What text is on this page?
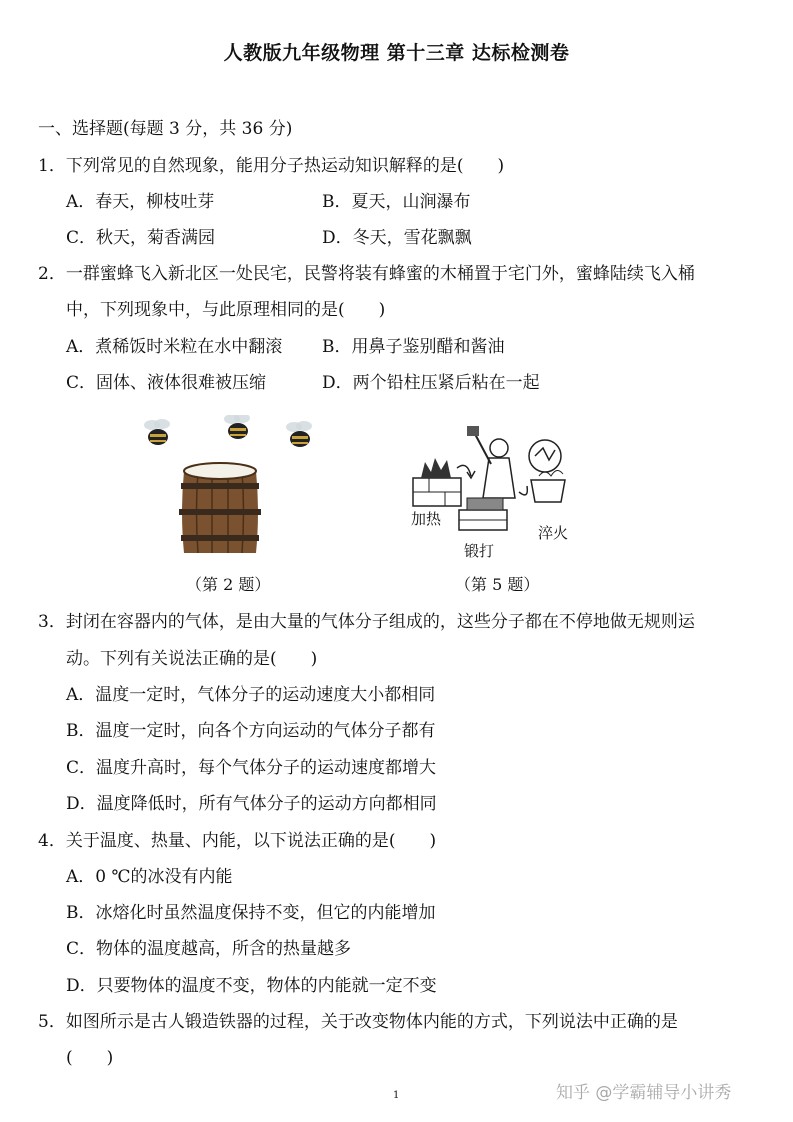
人教版九年级物理 第十三章 达标检测卷
一、选择题(每题 3 分，共 36 分)
1．下列常见的自然现象，能用分子热运动知识解释的是(　　)
A．春天，柳枝吐芽	B．夏天，山涧瀑布
C．秋天，菊香满园	D．冬天，雪花飘飘
2．一群蜜蜂飞入新北区一处民宅，民警将装有蜂蜜的木桶置于宅门外，蜜蜂陆续飞入桶
中，下列现象中，与此原理相同的是(　　)
A．煮稀饭时米粒在水中翻滚 B．用鼻子鉴别醋和酱油
C．固体、液体很难被压缩	D．两个铅柱压紧后粘在一起
（第 2 题）
加热
锻打
淬火
（第 5 题）
3．封闭在容器内的气体，是由大量的气体分子组成的，这些分子都在不停地做无规则运
动。下列有关说法正确的是(　　)
A．温度一定时，气体分子的运动速度大小都相同
B．温度一定时，向各个方向运动的气体分子都有
C．温度升高时，每个气体分子的运动速度都增大
D．温度降低时，所有气体分子的运动方向都相同
4．关于温度、热量、内能，以下说法正确的是(　　)
A．0 ℃的冰没有内能
B．冰熔化时虽然温度保持不变，但它的内能增加
C．物体的温度越高，所含的热量越多
D．只要物体的温度不变，物体的内能就一定不变
5．如图所示是古人锻造铁器的过程，关于改变物体内能的方式，下列说法中正确的是
(　　)
1	知乎 @学霸辅导小讲秀
